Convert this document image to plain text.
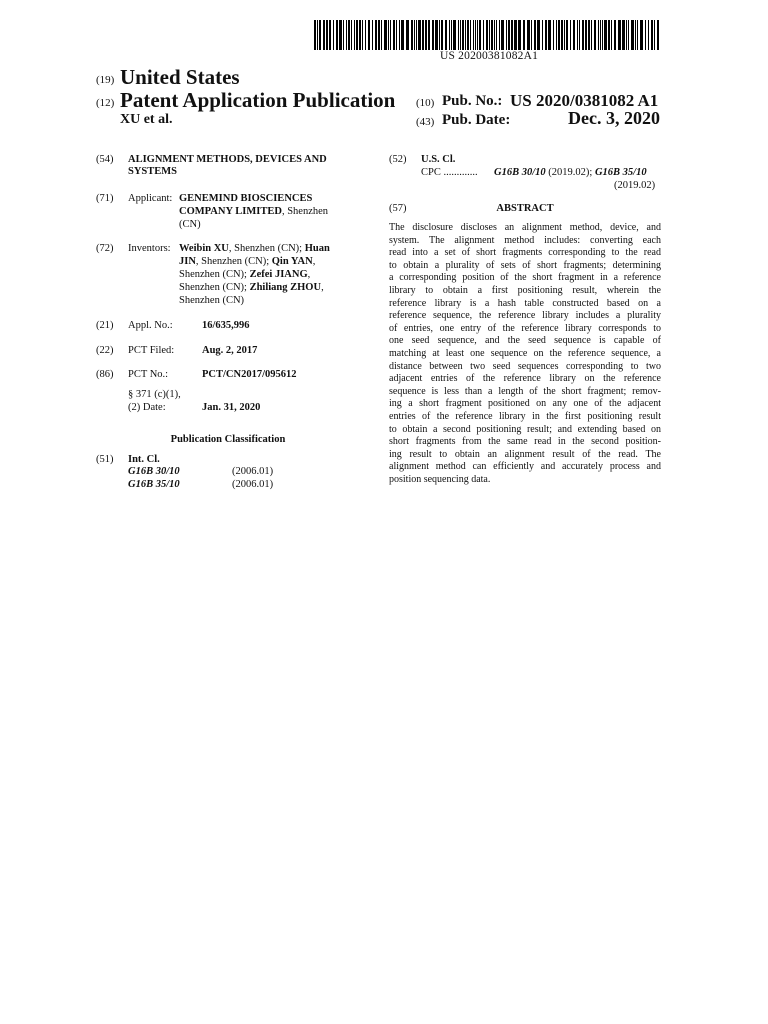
US 20200381082A1
(19) United States
(12) Patent Application Publication (10) Pub. No.: US 2020/0381082 A1
XU et al.	(43) Pub. Date:	Dec. 3, 2020
(54) ALIGNMENT METHODS, DEVICES AND
SYSTEMS
(71) Applicant: GENEMIND BIOSCIENCES
COMPANY LIMITED, Shenzhen
(CN)
(72) Inventors: Weibin XU, Shenzhen (CN); Huan
JIN, Shenzhen (CN); Qin YAN,
Shenzhen (CN); Zefei JIANG,
Shenzhen (CN); Zhiliang ZHOU,
Shenzhen (CN)
(21) Appl. No.:	16/635,996
(22) PCT Filed:	Aug. 2, 2017
(86) PCT No.:	PCT/CN2017/095612
§ 371 (c)(1),
(2) Date:	Jan. 31, 2020
Publication Classification
(51) Int. Cl.
G16B 30/10	(2006.01)
G16B 35/10	(2006.01)
(52) U.S. Cl.
CPC ............. G16B 30/10 (2019.02); G16B 35/10
(2019.02)
(57)	ABSTRACT

The disclosure discloses an alignment method, device, and

system. The alignment method includes: converting each

read into a set of short fragments corresponding to the read

to obtain a plurality of sets of short fragments; determining

a corresponding position of the short fragment in a reference

library to obtain a first positioning result, wherein the

reference library is a hash table constructed based on a

reference sequence, the reference library includes a plurality

of entries, one entry of the reference library corresponds to

one seed sequence, and the seed sequence is capable of

matching at least one sequence on the reference sequence, a

distance between two seed sequences corresponding to two

adjacent entries of the reference library on the reference

sequence is less than a length of the short fragment; remov-

ing a short fragment positioned on any one of the adjacent

entries of the reference library in the first positioning result

to obtain a second positioning result; and extending based on

short fragments from the same read in the second position-

ing result to obtain an alignment result of the read. The

alignment method can efficiently and accurately process and

position sequencing data.
